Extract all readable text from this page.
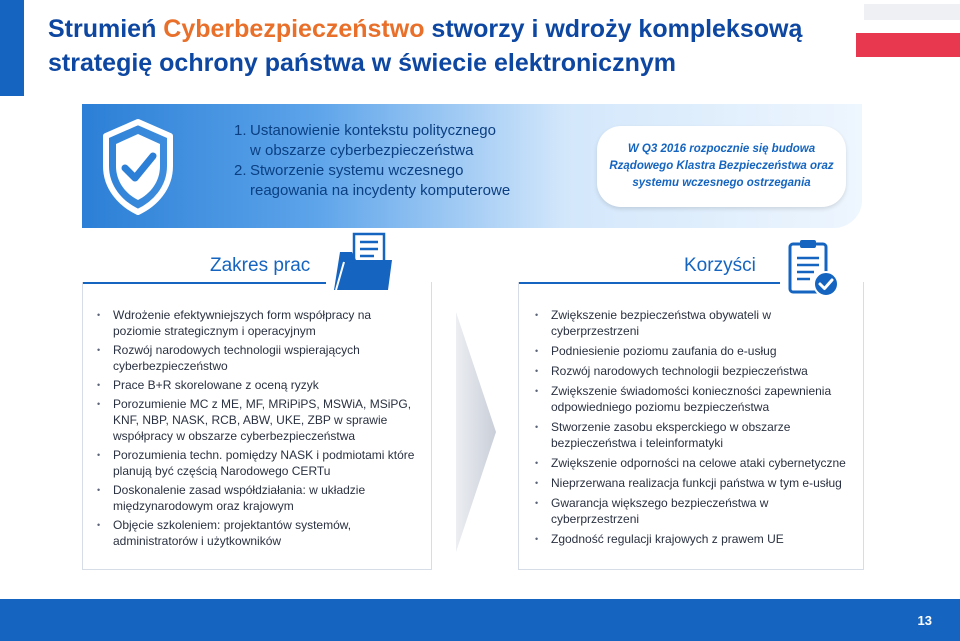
Strumień Cyberbezpieczeństwo stworzy i wdroży kompleksową strategię ochrony państwa w świecie elektronicznym
1. Ustanowienie kontekstu politycznego
w obszarze cyberbezpieczeństwa
2. Stworzenie systemu wczesnego
reagowania na incydenty komputerowe
W Q3 2016 rozpocznie się budowa Rządowego Klastra Bezpieczeństwa oraz systemu wczesnego ostrzegania
Zakres prac	Korzyści
• Wdrożenie efektywniejszych form współpracy na poziomie strategicznym i operacyjnym
• Rozwój narodowych technologii wspierających cyberbezpieczeństwo
• Prace B+R skorelowane z oceną ryzyk
• Porozumienie MC z ME, MF, MRiPiPS, MSWiA, MSiPG, KNF, NBP, NASK, RCB, ABW, UKE, ZBP w sprawie współpracy w obszarze cyberbezpieczeństwa
• Porozumienia techn. pomiędzy NASK i podmiotami które planują być częścią Narodowego CERTu
• Doskonalenie zasad współdziałania: w układzie międzynarodowym oraz krajowym
• Objęcie szkoleniem: projektantów systemów, administratorów i użytkowników
• Zwiększenie bezpieczeństwa obywateli w cyberprzestrzeni
• Podniesienie poziomu zaufania do e-usług
• Rozwój narodowych technologii bezpieczeństwa
• Zwiększenie świadomości konieczności zapewnienia odpowiedniego poziomu bezpieczeństwa
• Stworzenie zasobu eksperckiego w obszarze bezpieczeństwa i teleinformatyki
• Zwiększenie odporności na celowe ataki cybernetyczne
• Nieprzerwana realizacja funkcji państwa w tym e-usług
• Gwarancja większego bezpieczeństwa w cyberprzestrzeni
• Zgodność regulacji krajowych z prawem UE
13
